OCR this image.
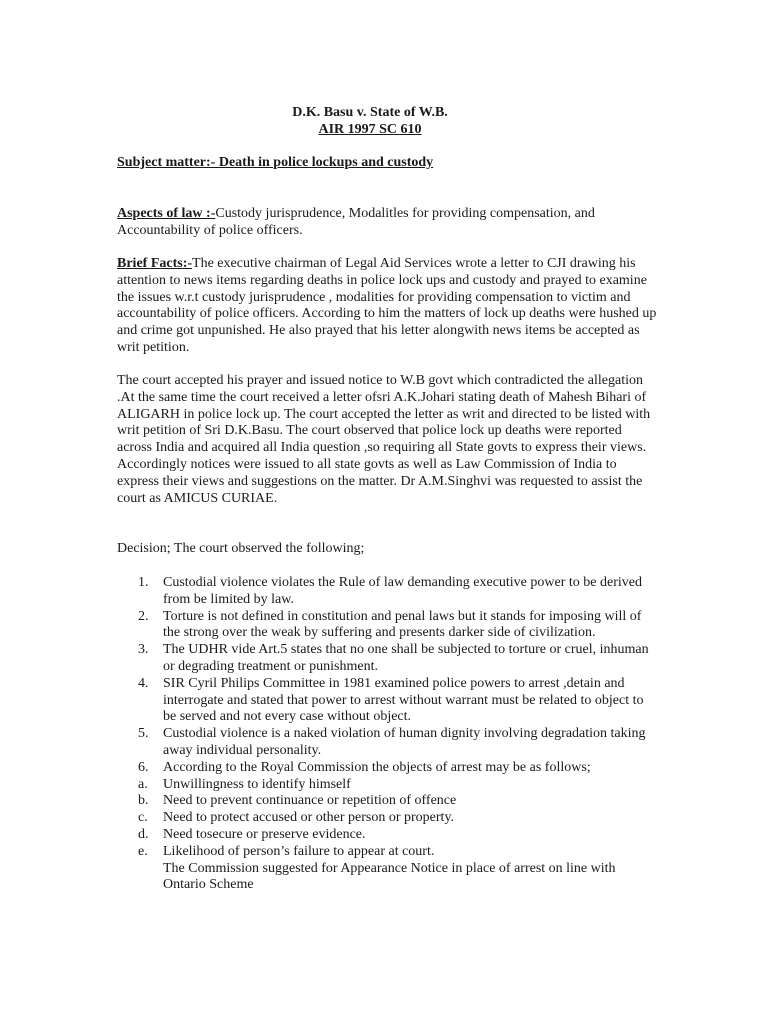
D.K. Basu v. State of W.B.
AIR 1997 SC 610
Subject matter:- Death in police lockups and custody
Aspects of law :-Custody jurisprudence, Modalitles for providing compensation, and Accountability of police officers.
Brief Facts:-The executive chairman of Legal Aid Services wrote a letter to CJI drawing his attention to news items regarding deaths in police lock ups and custody and prayed to examine the issues w.r.t custody jurisprudence , modalities for providing compensation to victim and accountability of police officers. According to him the matters of lock up deaths were hushed up and crime got unpunished. He also prayed that his letter alongwith news items be accepted as writ petition.
The court accepted his prayer and issued notice to W.B govt which contradicted the allegation .At the same time the court received a letter ofsri A.K.Johari stating death of Mahesh Bihari of ALIGARH in police lock up. The court accepted the letter as writ and directed to be listed with writ petition of Sri D.K.Basu. The court observed that police lock up deaths were reported across India and acquired all India question ,so requiring all State govts to express their views. Accordingly notices were issued to all state govts as well as Law Commission of India to express their views and suggestions on the matter. Dr A.M.Singhvi was requested to assist the court as AMICUS CURIAE.
Decision; The court observed the following;
1. Custodial violence violates the Rule of law demanding executive power to be derived from be limited by law.
2. Torture is not defined in constitution and penal laws but it stands for imposing will of the strong over the weak by suffering and presents darker side of civilization.
3. The UDHR vide Art.5 states that no one shall be subjected to torture or cruel, inhuman or degrading treatment or punishment.
4. SIR Cyril Philips Committee in 1981 examined police powers to arrest ,detain and interrogate and stated that power to arrest without warrant must be related to object to be served and not every case without object.
5. Custodial violence is a naked violation of human dignity involving degradation taking away individual personality.
6. According to the Royal Commission the objects of arrest may be as follows;
a. Unwillingness to identify himself
b. Need to prevent continuance or repetition of offence
c. Need to protect accused or other person or property.
d. Need tosecure or preserve evidence.
e. Likelihood of person’s failure to appear at court.
The Commission suggested for Appearance Notice in place of arrest on line with Ontario Scheme
